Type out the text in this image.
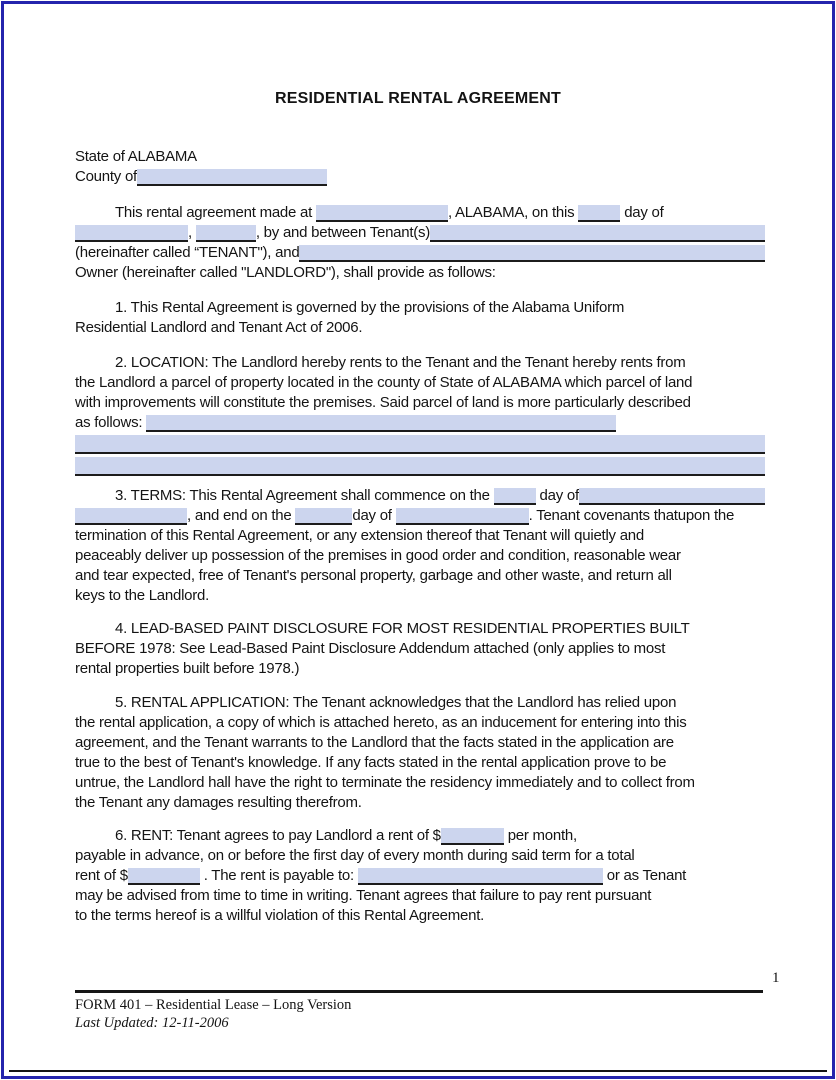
RESIDENTIAL RENTAL AGREEMENT
State of ALABAMA
County of
This rental agreement made at	, ALABAMA, on this	day of
,	, by and between Tenant(s)
(hereinafter called “TENANT"), and
Owner (hereinafter called "LANDLORD"), shall provide as follows:
1. This Rental Agreement is governed by the provisions of the Alabama Uniform
Residential Landlord and Tenant Act of 2006.
2. LOCATION: The Landlord hereby rents to the Tenant and the Tenant hereby rents from
the Landlord a parcel of property located in the county of State of ALABAMA which parcel of land
with improvements will constitute the premises. Said parcel of land is more particularly described
as follows:
3. TERMS: This Rental Agreement shall commence on the	day of
, and end on the	day of	. Tenant covenants thatupon the
termination of this Rental Agreement, or any extension thereof that Tenant will quietly and
peaceably deliver up possession of the premises in good order and condition, reasonable wear
and tear expected, free of Tenant's personal property, garbage and other waste, and return all
keys to the Landlord.
4. LEAD-BASED PAINT DISCLOSURE FOR MOST RESIDENTIAL PROPERTIES BUILT
BEFORE 1978: See Lead-Based Paint Disclosure Addendum attached (only applies to most
rental properties built before 1978.)
5. RENTAL APPLICATION: The Tenant acknowledges that the Landlord has relied upon
the rental application, a copy of which is attached hereto, as an inducement for entering into this
agreement, and the Tenant warrants to the Landlord that the facts stated in the application are
true to the best of Tenant's knowledge. If any facts stated in the rental application prove to be
untrue, the Landlord hall have the right to terminate the residency immediately and to collect from
the Tenant any damages resulting therefrom.
6. RENT: Tenant agrees to pay Landlord a rent of $	per month,
payable in advance, on or before the first day of every month during said term for a total
rent of $	. The rent is payable to:	or as Tenant
may be advised from time to time in writing. Tenant agrees that failure to pay rent pursuant
to the terms hereof is a willful violation of this Rental Agreement.
1
FORM 401 – Residential Lease – Long Version
Last Updated: 12-11-2006
